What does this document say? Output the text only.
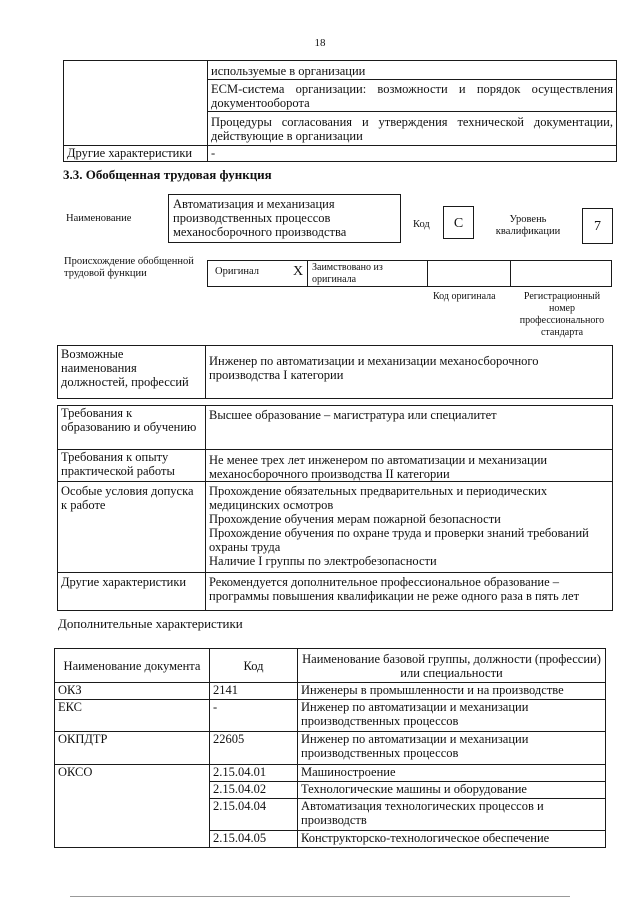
18
	используемые в организации
	ECM-система организации: возможности и порядок осуществления документооборота
	Процедуры согласования и утверждения технической документации, действующие в организации
Другие характеристики	-
3.3. Обобщенная трудовая функция
Наименование
Автоматизация и механизация производственных процессов механосборочного производства
Код	C	Уровень квалификации	7
Происхождение обобщенной трудовой функции	Оригинал X Заимствовано из оригинала
Код оригинала	Регистрационный номер профессионального стандарта
Возможные наименования должностей, профессий	Инженер по автоматизации и механизации механосборочного производства I категории
Требования к образованию и обучению	Высшее образование – магистратура или специалитет
Требования к опыту практической работы	Не менее трех лет инженером по автоматизации и механизации механосборочного производства II категории
Особые условия допуска к работе	Прохождение обязательных предварительных и периодических медицинских осмотров
Прохождение обучения мерам пожарной безопасности
Прохождение обучения по охране труда и проверки знаний требований охраны труда
Наличие I группы по электробезопасности

Другие характеристики	Рекомендуется дополнительное профессиональное образование – программы повышения квалификации не реже одного раза в пять лет
Дополнительные характеристики
Наименование документа	Код	Наименование базовой группы, должности (профессии) или специальности
ОКЗ	2141	Инженеры в промышленности и на производстве
ЕКС	-	Инженер по автоматизации и механизации производственных процессов
ОКПДТР	22605	Инженер по автоматизации и механизации производственных процессов
ОКСО	2.15.04.01	Машиностроение
	2.15.04.02	Технологические машины и оборудование
	2.15.04.04	Автоматизация технологических процессов и производств
	2.15.04.05	Конструкторско-технологическое обеспечение
